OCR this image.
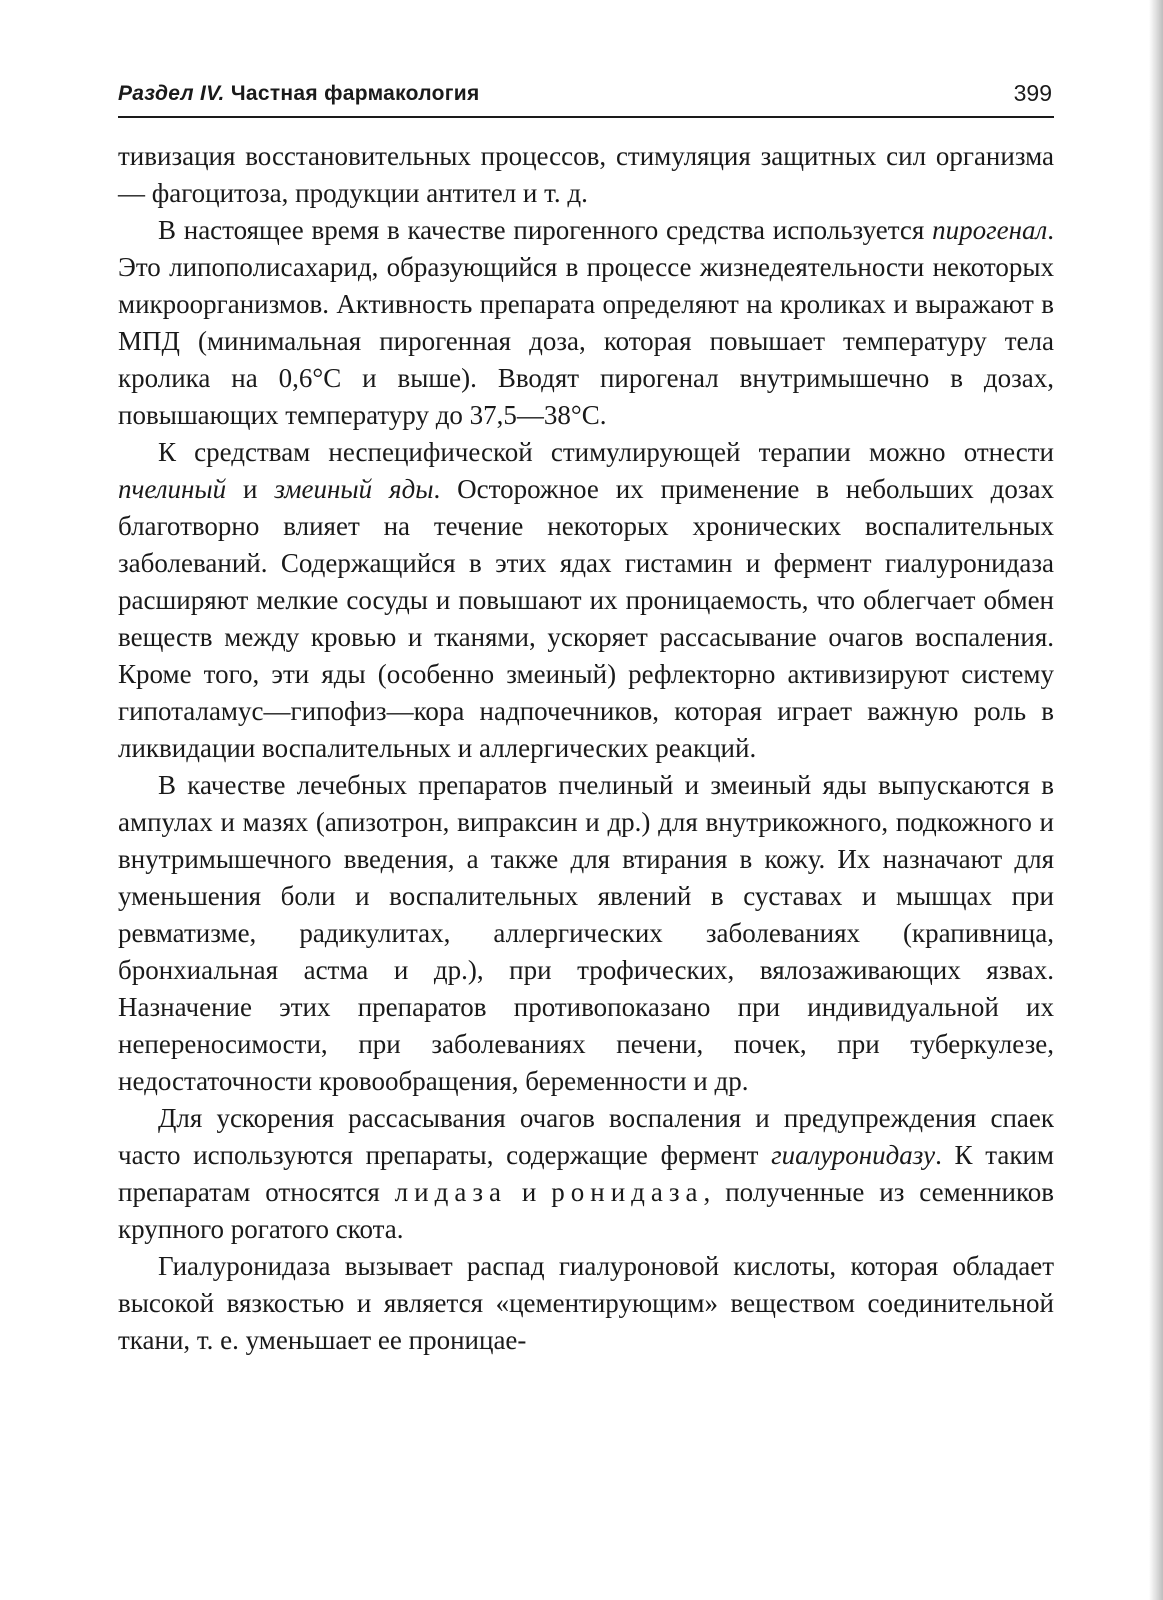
Раздел IV. Частная фармакология	399

тивизация восстановительных процессов, стимуляция защитных сил организма — фагоцитоза, продукции антител и т. д.

В настоящее время в качестве пирогенного средства используется пирогенал. Это липополисахарид, образующийся в процессе жизнедеятельности некоторых микроорганизмов. Активность препарата определяют на кроликах и выражают в МПД (минимальная пирогенная доза, которая повышает температуру тела кролика на 0,6°С и выше). Вводят пирогенал внутримышечно в дозах, повышающих температуру до 37,5—38°С.

К средствам неспецифической стимулирующей терапии можно отнести пчелиный и змеиный яды. Осторожное их применение в небольших дозах благотворно влияет на течение некоторых хронических воспалительных заболеваний. Содержащийся в этих ядах гистамин и фермент гиалуронидаза расширяют мелкие сосуды и повышают их проницаемость, что облегчает обмен веществ между кровью и тканями, ускоряет рассасывание очагов воспаления. Кроме того, эти яды (особенно змеиный) рефлекторно активизируют систему гипоталамус—гипофиз—кора надпочечников, которая играет важную роль в ликвидации воспалительных и аллергических реакций.

В качестве лечебных препаратов пчелиный и змеиный яды выпускаются в ампулах и мазях (апизотрон, випраксин и др.) для внутрикожного, подкожного и внутримышечного введения, а также для втирания в кожу. Их назначают для уменьшения боли и воспалительных явлений в суставах и мышцах при ревматизме, радикулитах, аллергических заболеваниях (крапивница, бронхиальная астма и др.), при трофических, вялозаживающих язвах. Назначение этих препаратов противопоказано при индивидуальной их непереносимости, при заболеваниях печени, почек, при туберкулезе, недостаточности кровообращения, беременности и др.

Для ускорения рассасывания очагов воспаления и предупреждения спаек часто используются препараты, содержащие фермент гиалуронидазу. К таким препаратам относятся лидаза и ронидаза, полученные из семенников крупного рогатого скота.

Гиалуронидаза вызывает распад гиалуроновой кислоты, которая обладает высокой вязкостью и является «цементирующим» веществом соединительной ткани, т. е. уменьшает ее проницае-
